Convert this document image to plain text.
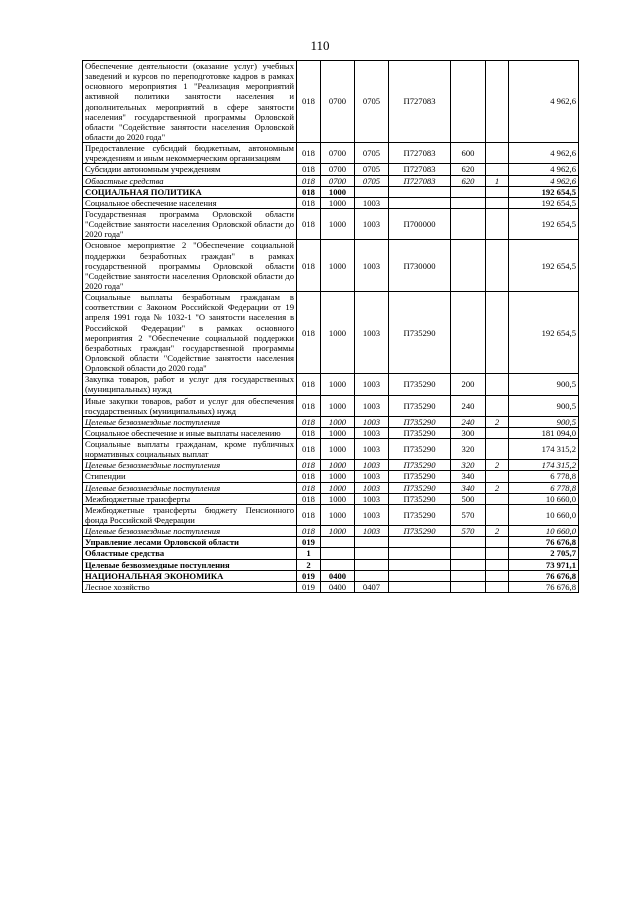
110
Обеспечение деятельности (оказание услуг) учебных заведений и курсов по переподготовке кадров в рамках основного мероприятия 1 "Реализация мероприятий активной политики занятости населения и дополнительных мероприятий в сфере занятости населения" государственной программы Орловской области "Содействие занятости населения Орловской области до 2020 года"	018	0700	0705	П727083			4 962,6
Предоставление субсидий бюджетным, автономным учреждениям и иным некоммерческим организациям	018	0700	0705	П727083	600		4 962,6
Субсидии автономным учреждениям	018	0700	0705	П727083	620		4 962,6
Областные средства	018	0700	0705	П727083	620	1	4 962,6
СОЦИАЛЬНАЯ ПОЛИТИКА	018	1000					192 654,5
Социальное обеспечение населения	018	1000	1003				192 654,5
Государственная программа Орловской области "Содействие занятости населения Орловской области до 2020 года"	018	1000	1003	П700000			192 654,5
Основное мероприятие 2 "Обеспечение социальной поддержки безработных граждан" в рамках государственной программы Орловской области "Содействие занятости населения Орловской области до 2020 года"	018	1000	1003	П730000			192 654,5
Социальные выплаты безработным гражданам в соответствии с Законом Российской Федерации от 19 апреля 1991 года № 1032-1 "О занятости населения в Российской Федерации" в рамках основного мероприятия 2 "Обеспечение социальной поддержки безработных граждан" государственной программы Орловской области "Содействие занятости населения Орловской области до 2020 года"	018	1000	1003	П735290			192 654,5
Закупка товаров, работ и услуг для государственных (муниципальных) нужд	018	1000	1003	П735290	200		900,5
Иные закупки товаров, работ и услуг для обеспечения государственных (муниципальных) нужд	018	1000	1003	П735290	240		900,5
Целевые безвозмездные поступления	018	1000	1003	П735290	240	2	900,5
Социальное обеспечение и иные выплаты населению	018	1000	1003	П735290	300		181 094,0
Социальные выплаты гражданам, кроме публичных нормативных социальных выплат	018	1000	1003	П735290	320		174 315,2
Целевые безвозмездные поступления	018	1000	1003	П735290	320	2	174 315,2
Стипендии	018	1000	1003	П735290	340		6 778,8
Целевые безвозмездные поступления	018	1000	1003	П735290	340	2	6 778,8
Межбюджетные трансферты	018	1000	1003	П735290	500		10 660,0
Межбюджетные трансферты бюджету Пенсионного фонда Российской Федерации	018	1000	1003	П735290	570		10 660,0
Целевые безвозмездные поступления	018	1000	1003	П735290	570	2	10 660,0
Управление лесами Орловской области	019						76 676,8
Областные средства	1						2 705,7
Целевые безвозмездные поступления	2						73 971,1
НАЦИОНАЛЬНАЯ ЭКОНОМИКА	019	0400					76 676,8
Лесное хозяйство	019	0400	0407				76 676,8
